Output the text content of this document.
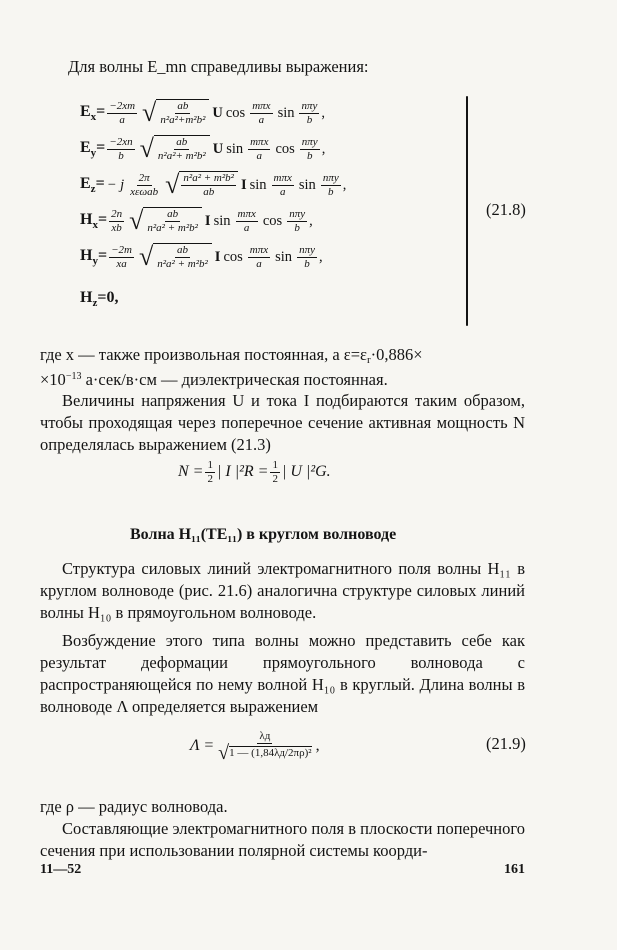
Для волны E_mn справедливы выражения:
$E_x= \frac{-2xm}{a}$ √ $\frac{ab}{\text{n²a²+m²b²}}$ U $\cos \frac{\text{mπx}}{a}$ $\sin \frac{\text{nπy}}{b}$ ,
$E_y= \frac{-2xn}{b}$ √ $\frac{ab}{\text{n²a²+ m²b²}}$ U $\sin \frac{\text{mπx}}{a}$ $\cos \frac{\text{nπy}}{b}$ ,
$E_z= - j \frac{2\pi}{\text{xεωab}}$ √ $\frac{\text{n²a² + m²b²}}{ab}$ I $\sin \frac{\text{mπx}}{a}$ $\sin \frac{\text{nπy}}{b}$ ,
$H_x= \frac{2n}{xb}$ √ $\frac{ab}{\text{n²a² + m²b²}}$ I $\sin \frac{\text{mπx}}{a}$ $\cos \frac{\text{nπy}}{b}$ ,
$H_y= \frac{-2m}{xa}$ √ $\frac{ab}{\text{n²a² + m²b²}}$ I $\cos \frac{\text{mπx}}{a}$ $\sin \frac{\text{nπy}}{b}$ ,
$H_z=0$,
(21.8)
где x — также произвольная постоянная, а $\varepsilon=\varepsilon_r\cdot 0,886\times$
$\times 10^{-13}$ а·сек/в·см — диэлектрическая постоянная.
Величины напряжения U и тока I подбираются таким образом, чтобы проходящая через поперечное сечение активная мощность N определялась выражением (21.3)
$N = \frac{1}{2}$ | I $|^2R = \frac{1}{2}$ | U |²G.
Волна H₁₁(TE₁₁) в круглом волноводе
Структура силовых линий электромагнитного поля волны H₁₁ в круглом волноводе (рис. 21.6) аналогична структуре силовых линий волны H₁₀ в прямоугольном волноводе.
Возбуждение этого типа волны можно представить себе как результат деформации прямоугольного волновода с распространяющейся по нему волной H₁₀ в круглый. Длина волны в волноводе Λ определяется выражением
$\Lambda = \frac{\lambda д}{\text{√ 1 — (1,84λд/2πρ)²}}$ ,	(21.9)
где ρ — радиус волновода.
Составляющие электромагнитного поля в плоскости поперечного сечения при использовании полярной системы коорди-
11—52	161
